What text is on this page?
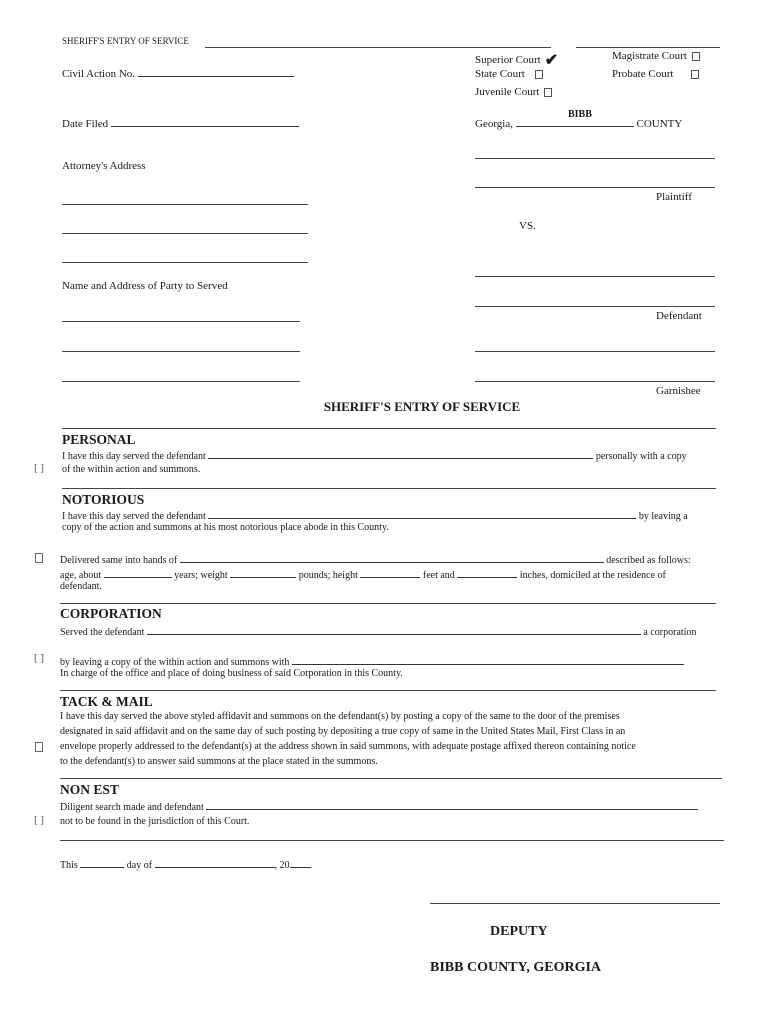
SHERIFF'S ENTRY OF SERVICE
Civil Action No.
Date Filed
Attorney's Address
Name and Address of Party to Served
Superior Court ✔
State Court
Juvenile Court
Magistrate Court
Probate Court
BIBB
Georgia,	COUNTY
Plaintiff
VS.
Defendant
Garnishee
SHERIFF'S ENTRY OF SERVICE
PERSONAL
I have this day served the defendant	personally with a copy
[ ] of the within action and summons.
NOTORIOUS
I have this day served the defendant	by leaving a
copy of the action and summons at his most notorious place abode in this County.
Delivered same into hands of	described as follows:
age, about	years; weight	pounds; height	feet and	inches, domiciled at the residence of
defendant.
CORPORATION
Served the defendant	a corporation
[ ] by leaving a copy of the within action and summons with
In charge of the office and place of doing business of said Corporation in this County.
TACK & MAIL
I have this day served the above styled affidavit and summons on the defendant(s) by posting a copy of the same to the door of the premises
designated in said affidavit and on the same day of such posting by depositing a true copy of same in the United States Mail, First Class in an
envelope properly addressed to the defendant(s) at the address shown in said summons, with adequate postage affixed thereon containing notice
to the defendant(s) to answer said summons at the place stated in the summons.
NON EST
Diligent search made and defendant
[ ] not to be found in the jurisdiction of this Court.
This	day of	, 20 .
DEPUTY
BIBB COUNTY, GEORGIA
